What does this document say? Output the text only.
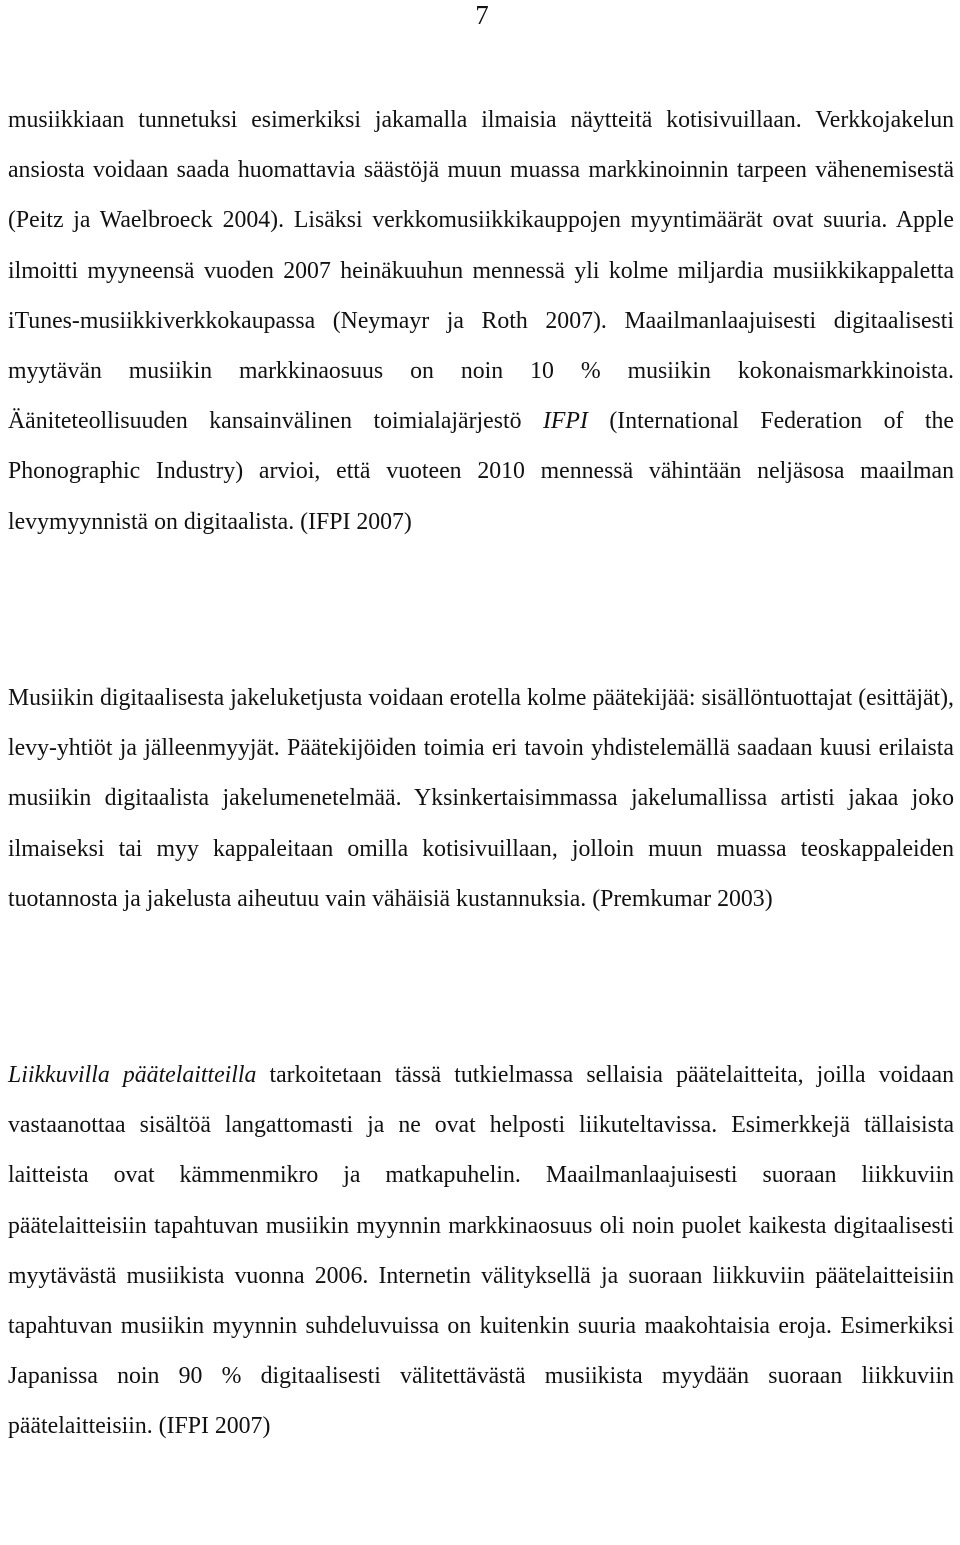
7

musiikkiaan tunnetuksi esimerkiksi jakamalla ilmaisia näytteitä kotisivuillaan. Verkkojakelun ansiosta voidaan saada huomattavia säästöjä muun muassa markkinoinnin tarpeen vähenemisestä (Peitz ja Waelbroeck 2004). Lisäksi verkkomusiikkikauppojen myyntimäärät ovat suuria. Apple ilmoitti myyneensä vuoden 2007 heinäkuuhun mennessä yli kolme miljardia musiikkikappaletta iTunes-musiikkiverkkokaupassa (Neymayr ja Roth 2007). Maailmanlaajuisesti digitaalisesti myytävän musiikin markkinaosuus on noin 10 % musiikin kokonaismarkkinoista. Ääniteteollisuuden kansainvälinen toimialajärjestö IFPI (International Federation of the Phonographic Industry) arvioi, että vuoteen 2010 mennessä vähintään neljäsosa maailman levymyynnistä on digitaalista. (IFPI 2007)

Musiikin digitaalisesta jakeluketjusta voidaan erotella kolme päätekijää: sisällöntuottajat (esittäjät), levy-yhtiöt ja jälleenmyyjät. Päätekijöiden toimia eri tavoin yhdistelemällä saadaan kuusi erilaista musiikin digitaalista jakelumenetelmää. Yksinkertaisimmassa jakelumallissa artisti jakaa joko ilmaiseksi tai myy kappaleitaan omilla kotisivuillaan, jolloin muun muassa teoskappaleiden tuotannosta ja jakelusta aiheutuu vain vähäisiä kustannuksia. (Premkumar 2003)

Liikkuvilla päätelaitteilla tarkoitetaan tässä tutkielmassa sellaisia päätelaitteita, joilla voidaan vastaanottaa sisältöä langattomasti ja ne ovat helposti liikuteltavissa. Esimerkkejä tällaisista laitteista ovat kämmenmikro ja matkapuhelin. Maailmanlaajuisesti suoraan liikkuviin päätelaitteisiin tapahtuvan musiikin myynnin markkinaosuus oli noin puolet kaikesta digitaalisesti myytävästä musiikista vuonna 2006. Internetin välityksellä ja suoraan liikkuviin päätelaitteisiin tapahtuvan musiikin myynnin suhdeluvuissa on kuitenkin suuria maakohtaisia eroja. Esimerkiksi Japanissa noin 90 % digitaalisesti välitettävästä musiikista myydään suoraan liikkuviin päätelaitteisiin. (IFPI 2007)
